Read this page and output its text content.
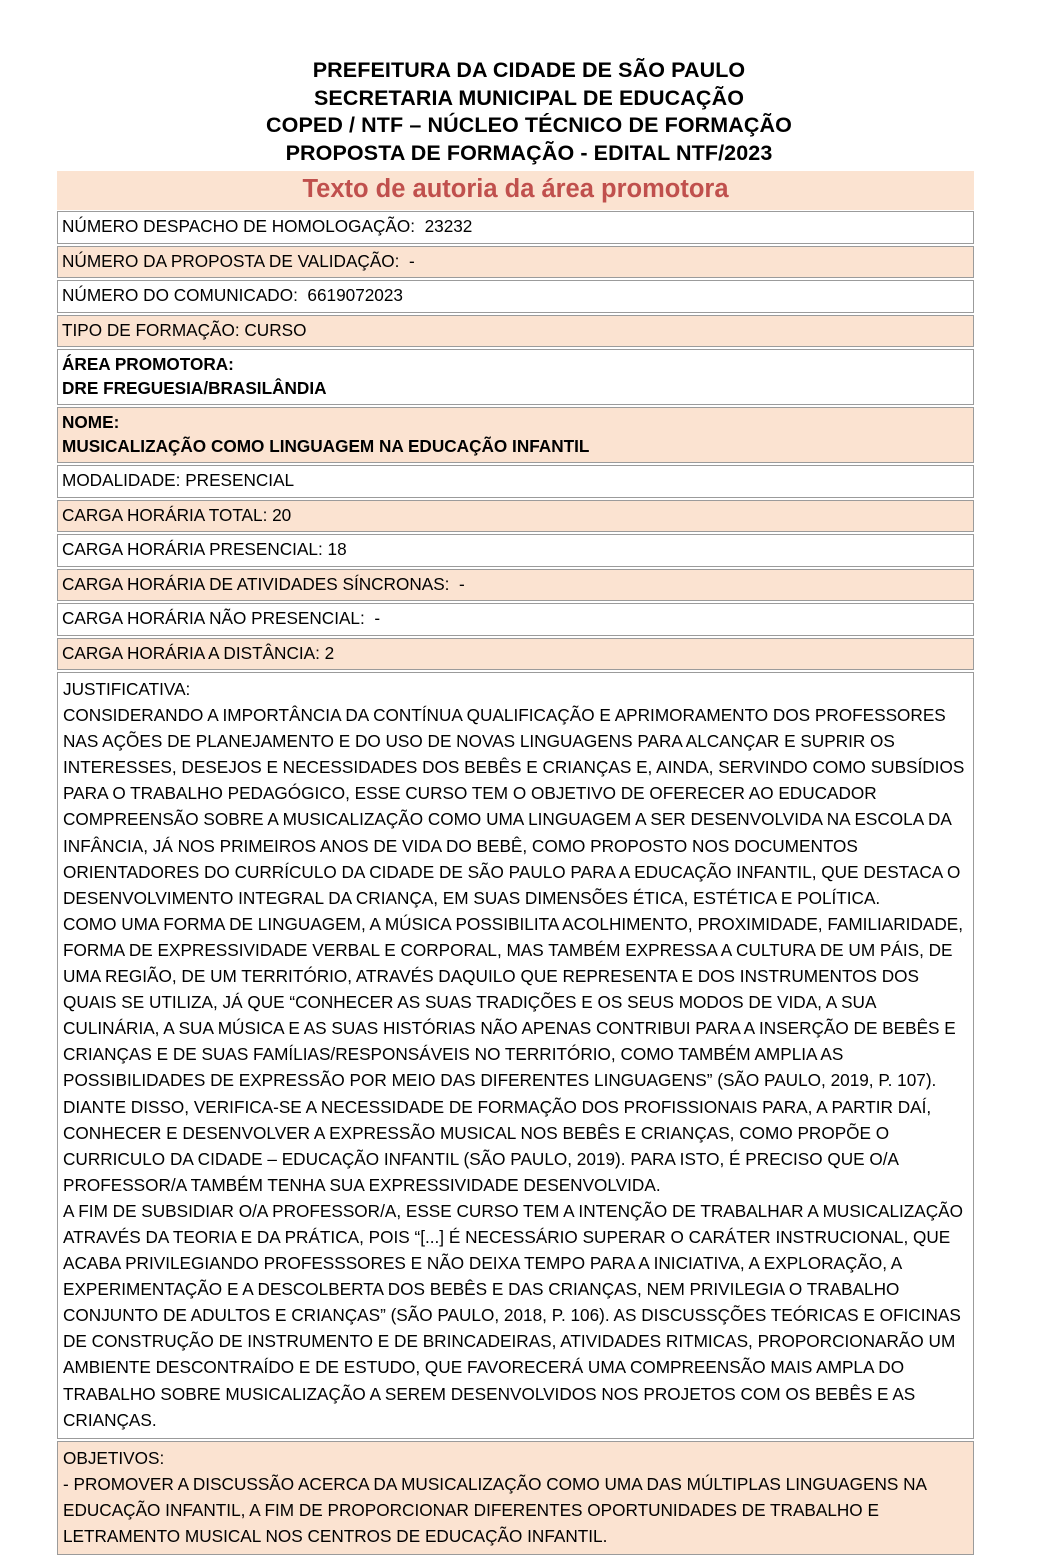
PREFEITURA DA CIDADE DE SÃO PAULO
SECRETARIA MUNICIPAL DE EDUCAÇÃO
COPED / NTF – NÚCLEO TÉCNICO DE FORMAÇÃO
PROPOSTA DE FORMAÇÃO - EDITAL NTF/2023
Texto de autoria da área promotora
NÚMERO DESPACHO DE HOMOLOGAÇÃO:  23232
NÚMERO DA PROPOSTA DE VALIDAÇÃO:  -
NÚMERO DO COMUNICADO:  6619072023
TIPO DE FORMAÇÃO: CURSO
ÁREA PROMOTORA:
DRE FREGUESIA/BRASILÂNDIA
NOME:
MUSICALIZAÇÃO COMO LINGUAGEM NA EDUCAÇÃO INFANTIL
MODALIDADE: PRESENCIAL
CARGA HORÁRIA TOTAL: 20
CARGA HORÁRIA PRESENCIAL: 18
CARGA HORÁRIA DE ATIVIDADES SÍNCRONAS:  -
CARGA HORÁRIA NÃO PRESENCIAL:  -
CARGA HORÁRIA A DISTÂNCIA: 2

JUSTIFICATIVA:

CONSIDERANDO A IMPORTÂNCIA DA CONTÍNUA QUALIFICAÇÃO E APRIMORAMENTO DOS PROFESSORES NAS AÇÕES DE PLANEJAMENTO E DO USO DE NOVAS LINGUAGENS PARA ALCANÇAR E SUPRIR OS INTERESSES, DESEJOS E NECESSIDADES DOS BEBÊS E CRIANÇAS E, AINDA, SERVINDO COMO SUBSÍDIOS PARA O TRABALHO PEDAGÓGICO, ESSE CURSO TEM O OBJETIVO DE OFERECER AO EDUCADOR COMPREENSÃO SOBRE A MUSICALIZAÇÃO COMO UMA LINGUAGEM A SER DESENVOLVIDA NA ESCOLA DA INFÂNCIA, JÁ NOS PRIMEIROS ANOS DE VIDA DO BEBÊ, COMO PROPOSTO NOS DOCUMENTOS ORIENTADORES DO CURRÍCULO DA CIDADE DE SÃO PAULO PARA A EDUCAÇÃO INFANTIL, QUE DESTACA O DESENVOLVIMENTO INTEGRAL DA CRIANÇA, EM SUAS DIMENSÕES ÉTICA, ESTÉTICA E POLÍTICA.

COMO UMA FORMA DE LINGUAGEM, A MÚSICA POSSIBILITA ACOLHIMENTO, PROXIMIDADE, FAMILIARIDADE, FORMA DE EXPRESSIVIDADE VERBAL E CORPORAL, MAS TAMBÉM EXPRESSA A CULTURA DE UM PÁIS, DE UMA REGIÃO, DE UM TERRITÓRIO, ATRAVÉS DAQUILO QUE REPRESENTA E DOS INSTRUMENTOS DOS QUAIS SE UTILIZA, JÁ QUE “CONHECER AS SUAS TRADIÇÕES E OS SEUS MODOS DE VIDA, A SUA CULINÁRIA, A SUA MÚSICA E AS SUAS HISTÓRIAS NÃO APENAS CONTRIBUI PARA A INSERÇÃO DE BEBÊS E CRIANÇAS E DE SUAS FAMÍLIAS/RESPONSÁVEIS NO TERRITÓRIO, COMO TAMBÉM AMPLIA AS POSSIBILIDADES DE EXPRESSÃO POR MEIO DAS DIFERENTES LINGUAGENS” (SÃO PAULO, 2019, P. 107).

DIANTE DISSO, VERIFICA-SE A NECESSIDADE DE FORMAÇÃO DOS PROFISSIONAIS PARA, A PARTIR DAÍ, CONHECER E DESENVOLVER A EXPRESSÃO MUSICAL NOS BEBÊS E CRIANÇAS, COMO PROPÕE O CURRICULO DA CIDADE – EDUCAÇÃO INFANTIL (SÃO PAULO, 2019). PARA ISTO, É PRECISO QUE O/A PROFESSOR/A TAMBÉM TENHA SUA EXPRESSIVIDADE DESENVOLVIDA.

A FIM DE SUBSIDIAR O/A PROFESSOR/A, ESSE CURSO TEM A INTENÇÃO DE TRABALHAR A MUSICALIZAÇÃO ATRAVÉS DA TEORIA E DA PRÁTICA, POIS “[...] É NECESSÁRIO SUPERAR O CARÁTER INSTRUCIONAL, QUE ACABA PRIVILEGIANDO PROFESSSORES E NÃO DEIXA TEMPO PARA A INICIATIVA, A EXPLORAÇÃO, A EXPERIMENTAÇÃO E A DESCOLBERTA DOS BEBÊS E DAS CRIANÇAS, NEM PRIVILEGIA O TRABALHO CONJUNTO DE ADULTOS E CRIANÇAS” (SÃO PAULO, 2018, P. 106). AS DISCUSSÇÕES TEÓRICAS E OFICINAS DE CONSTRUÇÃO DE INSTRUMENTO E DE BRINCADEIRAS, ATIVIDADES RITMICAS, PROPORCIONARÃO UM AMBIENTE DESCONTRAÍDO E DE ESTUDO, QUE FAVORECERÁ UMA COMPREENSÃO MAIS AMPLA DO TRABALHO SOBRE MUSICALIZAÇÃO A SEREM DESENVOLVIDOS NOS PROJETOS COM OS BEBÊS E AS CRIANÇAS.

OBJETIVOS:

- PROMOVER A DISCUSSÃO ACERCA DA MUSICALIZAÇÃO COMO UMA DAS MÚLTIPLAS LINGUAGENS NA EDUCAÇÃO INFANTIL, A FIM DE PROPORCIONAR DIFERENTES OPORTUNIDADES DE TRABALHO E LETRAMENTO MUSICAL NOS CENTROS DE EDUCAÇÃO INFANTIL.
